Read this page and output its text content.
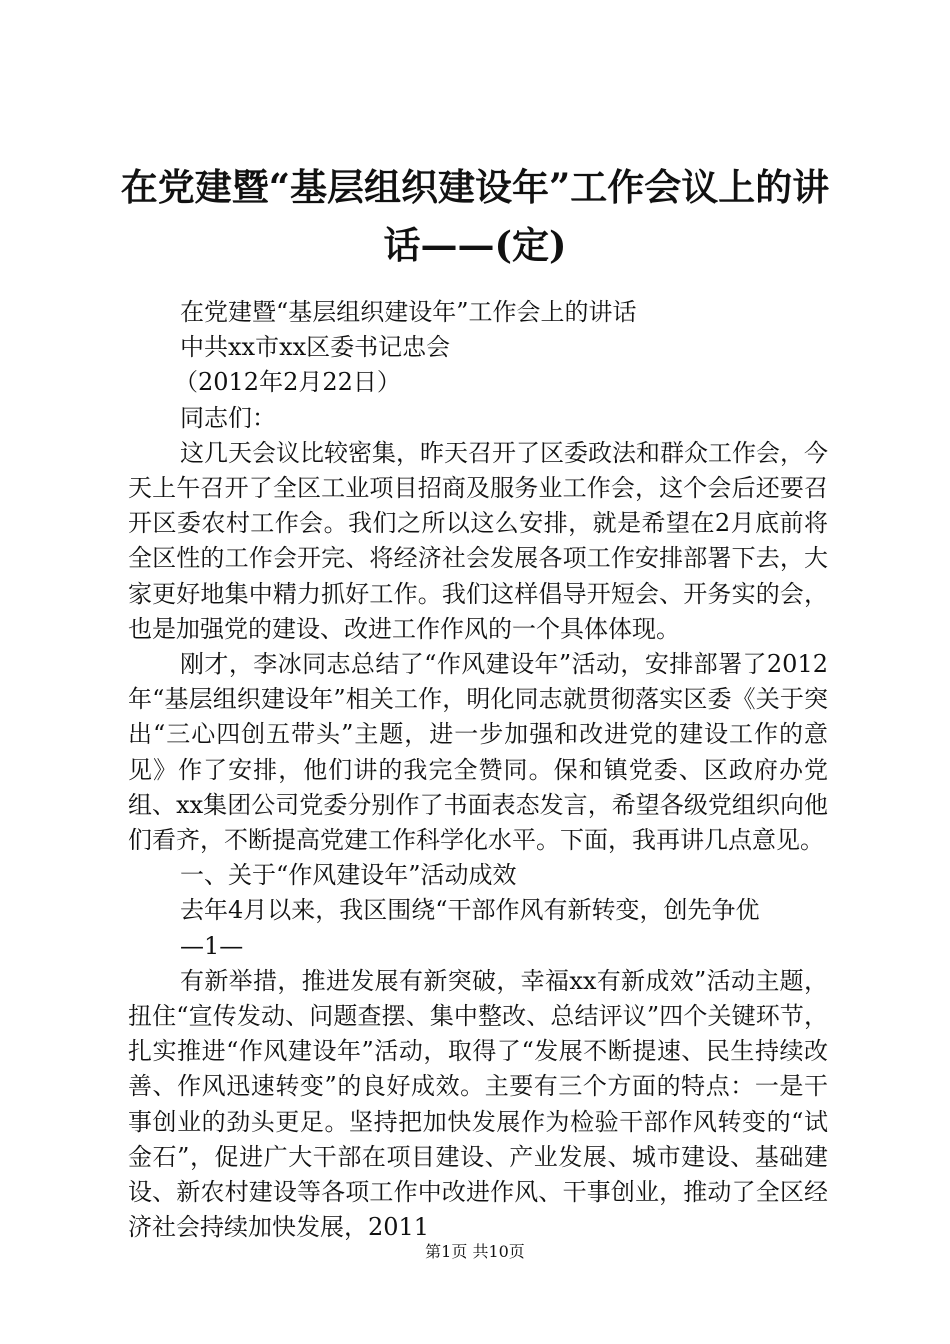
在党建暨“基层组织建设年”工作会议上的讲
话——(定)

在党建暨“基层组织建设年”工作会上的讲话

中共xx市xx区委书记忠会

（2012年2月22日）

同志们：

这几天会议比较密集，昨天召开了区委政法和群众工作会，今天上午召开了全区工业项目招商及服务业工作会，这个会后还要召开区委农村工作会。我们之所以这么安排，就是希望在2月底前将全区性的工作会开完、将经济社会发展各项工作安排部署下去，大家更好地集中精力抓好工作。我们这样倡导开短会、开务实的会，也是加强党的建设、改进工作作风的一个具体体现。

刚才，李冰同志总结了“作风建设年”活动，安排部署了2012年“基层组织建设年”相关工作，明化同志就贯彻落实区委《关于突出“三心四创五带头”主题，进一步加强和改进党的建设工作的意见》作了安排，他们讲的我完全赞同。保和镇党委、区政府办党组、xx集团公司党委分别作了书面表态发言，希望各级党组织向他们看齐，不断提高党建工作科学化水平。下面，我再讲几点意见。

一、关于“作风建设年”活动成效

去年4月以来，我区围绕“干部作风有新转变，创先争优

—1—

有新举措，推进发展有新突破，幸福xx有新成效”活动主题，扭住“宣传发动、问题查摆、集中整改、总结评议”四个关键环节，扎实推进“作风建设年”活动，取得了“发展不断提速、民生持续改善、作风迅速转变”的良好成效。主要有三个方面的特点：一是干事创业的劲头更足。坚持把加快发展作为检验干部作风转变的“试金石”，促进广大干部在项目建设、产业发展、城市建设、基础建设、新农村建设等各项工作中改进作风、干事创业，推动了全区经济社会持续加快发展，2011

第1页 共10页
